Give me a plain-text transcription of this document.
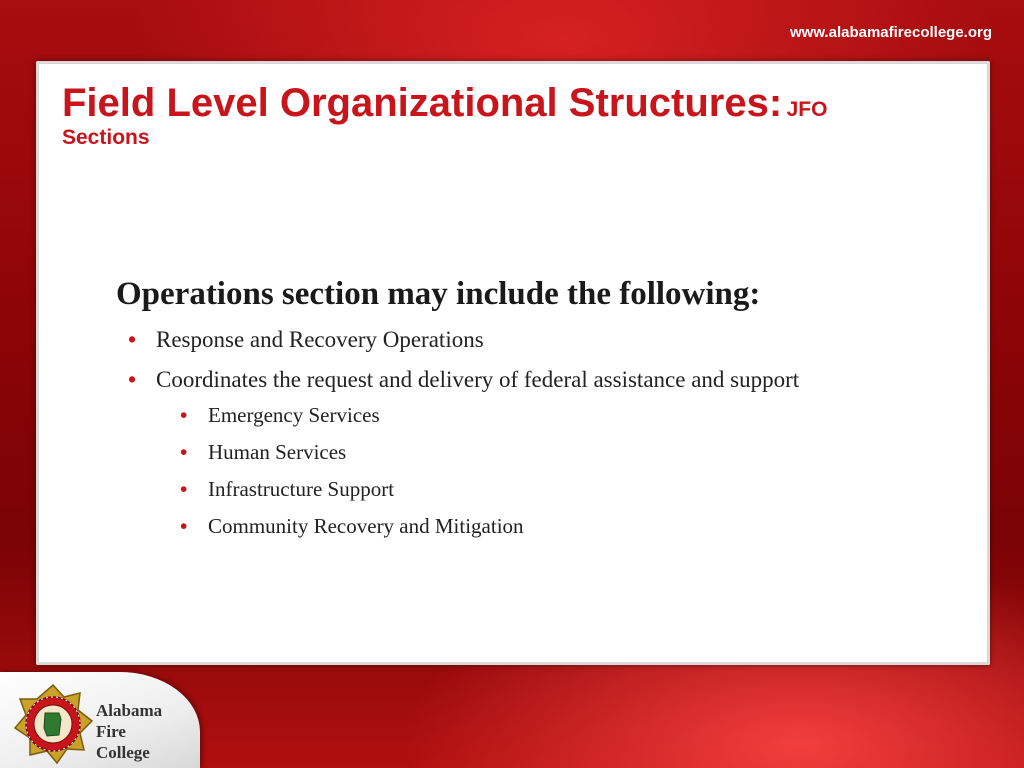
www.alabamafirecollege.org
Field Level Organizational Structures: JFO
Sections
Operations section may include the following:
• Response and Recovery Operations
• Coordinates the request and delivery of federal assistance and support
• Emergency Services
• Human Services
• Infrastructure Support
• Community Recovery and Mitigation
Alabama
Fire
College
